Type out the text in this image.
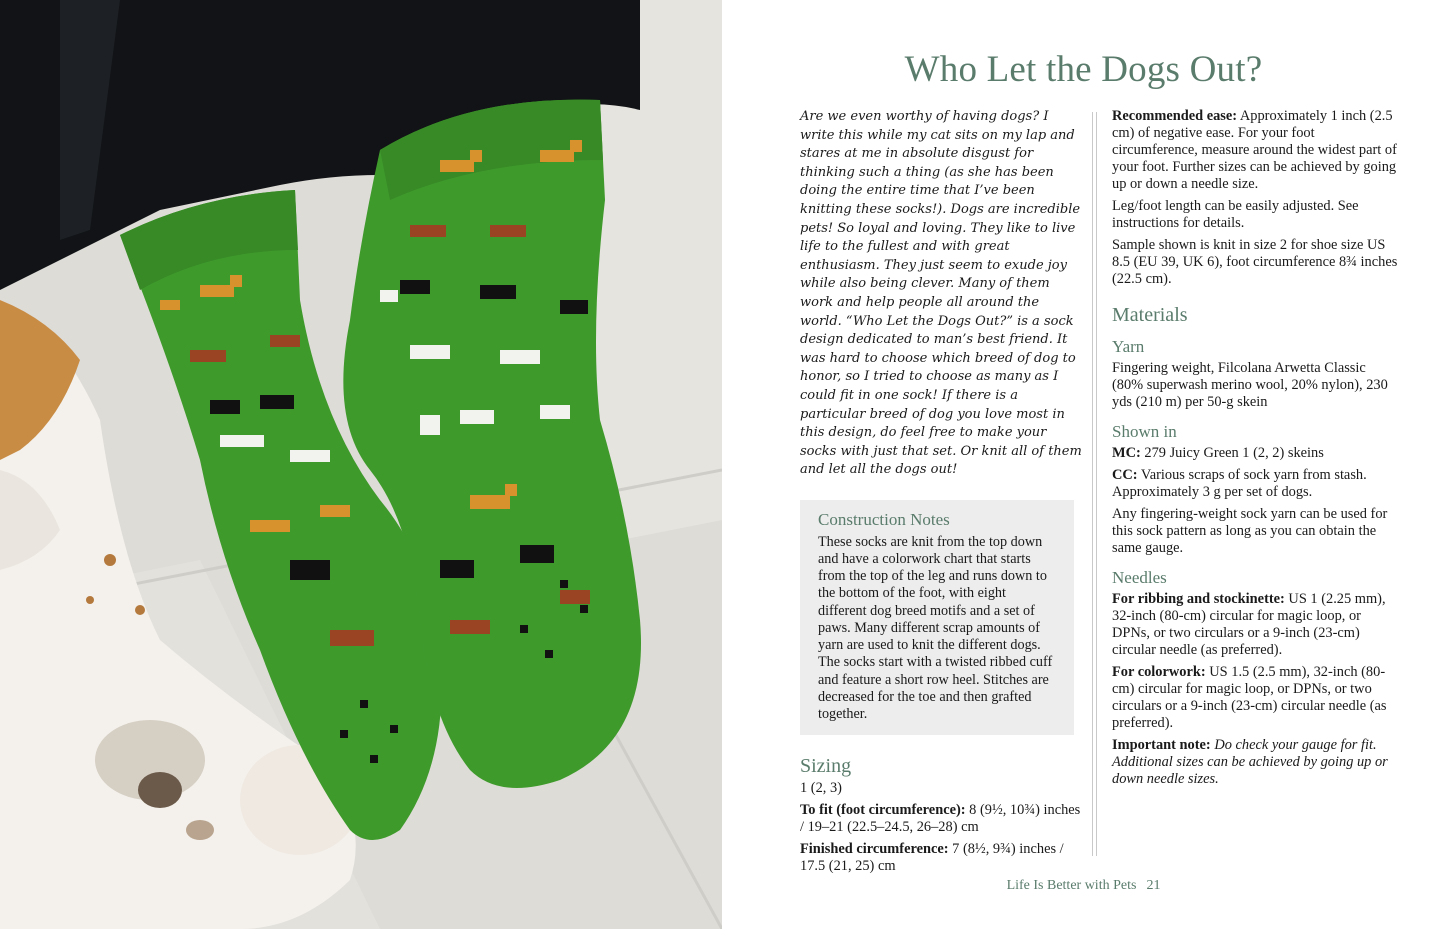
Who Let the Dogs Out?

Are we even worthy of having dogs? I write this while my cat sits on my lap and stares at me in absolute disgust for thinking such a thing (as she has been doing the entire time that I’ve been knitting these socks!). Dogs are incredible pets! So loyal and loving. They like to live life to the fullest and with great enthusiasm. They just seem to exude joy while also being clever. Many of them work and help people all around the world. “Who Let the Dogs Out?” is a sock design dedicated to man’s best friend. It was hard to choose which breed of dog to honor, so I tried to choose as many as I could fit in one sock! If there is a particular breed of dog you love most in this design, do feel free to make your socks with just that set. Or knit all of them and let all the dogs out!

Construction Notes

These socks are knit from the top down and have a colorwork chart that starts from the top of the leg and runs down to the bottom of the foot, with eight different dog breed motifs and a set of paws. Many different scrap amounts of yarn are used to knit the different dogs. The socks start with a twisted ribbed cuff and feature a short row heel. Stitches are decreased for the toe and then grafted together.

Sizing

1 (2, 3)

To fit (foot circumference): 8 (9½, 10¾) inches / 19–21 (22.5–24.5, 26–28) cm

Finished circumference: 7 (8½, 9¾) inches / 17.5 (21, 25) cm

Recommended ease: Approximately 1 inch (2.5 cm) of negative ease. For your foot circumference, measure around the widest part of your foot. Further sizes can be achieved by going up or down a needle size.

Leg/foot length can be easily adjusted. See instructions for details.

Sample shown is knit in size 2 for shoe size US 8.5 (EU 39, UK 6), foot circumference 8¾ inches (22.5 cm).

Materials
Yarn

Fingering weight, Filcolana Arwetta Classic (80% superwash merino wool, 20% nylon), 230 yds (210 m) per 50-g skein

Shown in

MC: 279 Juicy Green 1 (2, 2) skeins

CC: Various scraps of sock yarn from stash. Approximately 3 g per set of dogs.

Any fingering-weight sock yarn can be used for this sock pattern as long as you can obtain the same gauge.

Needles

For ribbing and stockinette: US 1 (2.25 mm), 32-inch (80-cm) circular for magic loop, or DPNs, or two circulars or a 9-inch (23-cm) circular needle (as preferred).

For colorwork: US 1.5 (2.5 mm), 32-inch (80-cm) circular for magic loop, or DPNs, or two circulars or a 9-inch (23-cm) circular needle (as preferred).

Important note: Do check your gauge for fit. Additional sizes can be achieved by going up or down needle sizes.

Life Is Better with Pets 21
